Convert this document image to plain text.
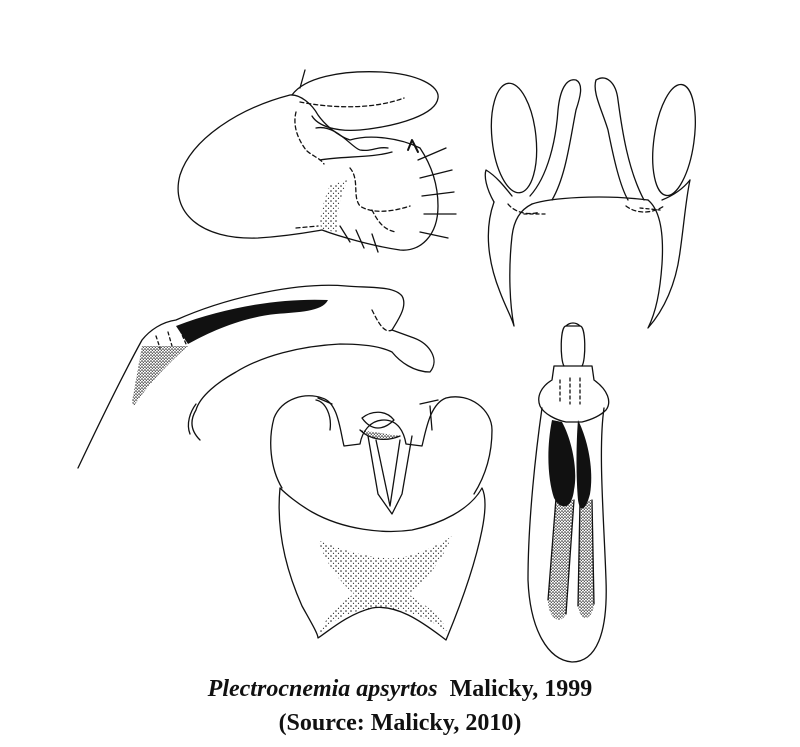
Plectrocnemia apsyrtos Malicky, 1999
(Source: Malicky, 2010)
